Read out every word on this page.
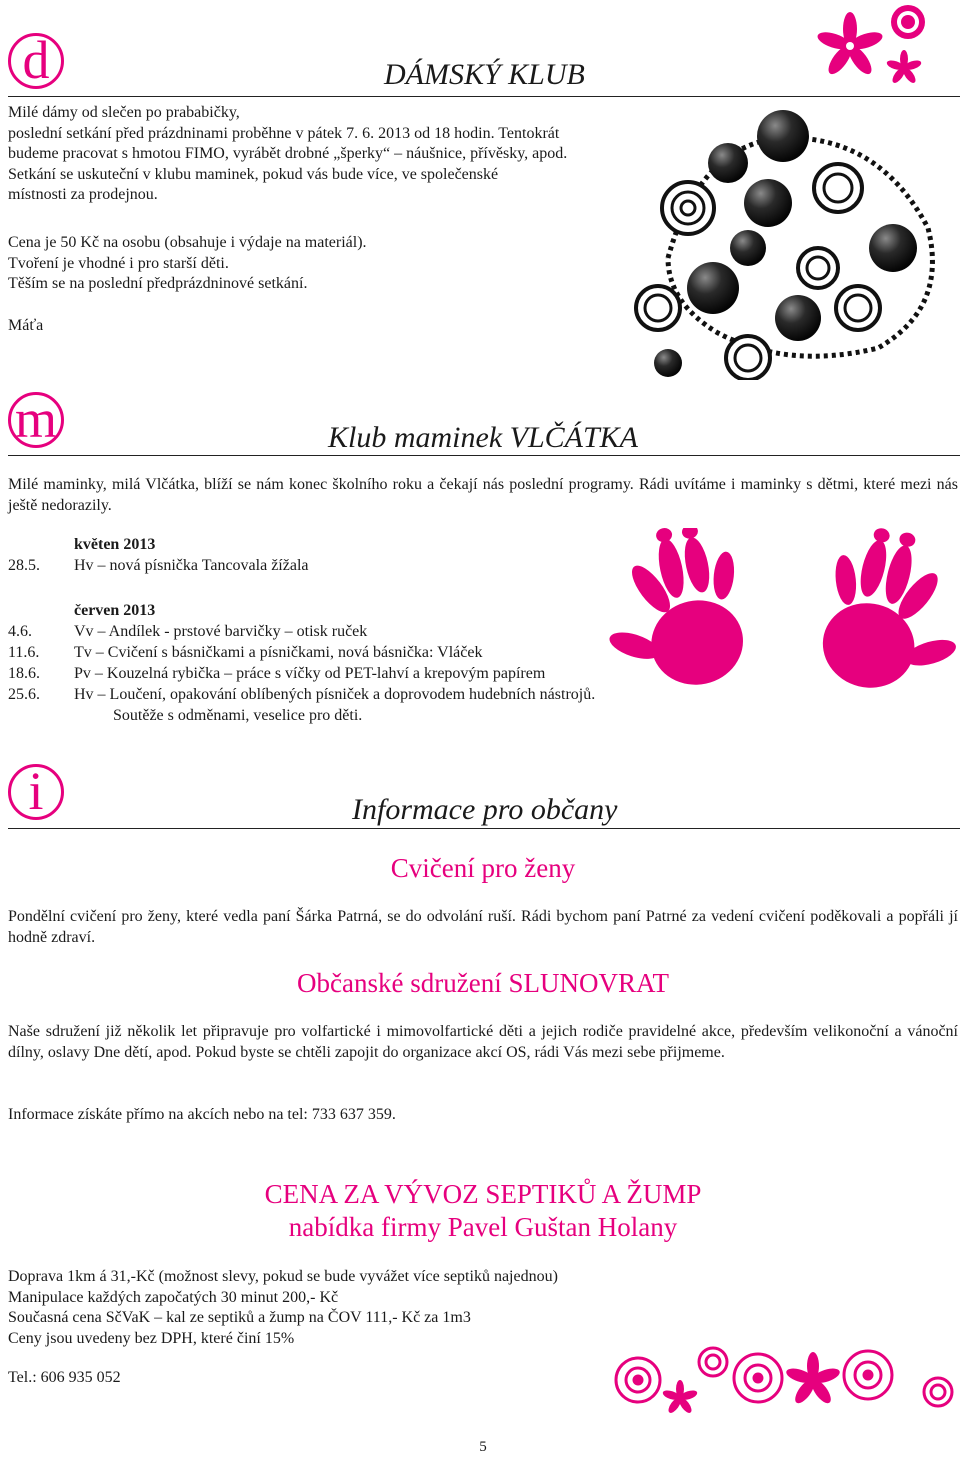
d	DÁMSKÝ KLUB
Milé dámy od slečen po prababičky,
poslední setkání před prázdninami proběhne v pátek 7. 6. 2013 od 18 hodin. Tentokrát
budeme pracovat s hmotou FIMO, vyrábět drobné „šperky“ – náušnice, přívěsky, apod.
Setkání se uskuteční v klubu maminek, pokud vás bude více, ve společenské
místnosti za prodejnou.
Cena je 50 Kč na osobu (obsahuje i výdaje na materiál).
Tvoření je vhodné i pro starší děti.
Těším se na poslední předprázdninové setkání.
Máťa
m	Klub maminek VLČÁTKA
Milé maminky, milá Vlčátka, blíží se nám konec školního roku a čekají nás poslední programy. Rádi uvítáme i maminky s dětmi, které mezi nás ještě nedorazily.
květen 2013
28.5. Hv – nová písnička Tancovala žížala
červen 2013
4.6.	Vv – Andílek - prstové barvičky – otisk ruček
11.6. Tv – Cvičení s básničkami a písničkami, nová básnička: Vláček
18.6. Pv – Kouzelná rybička – práce s víčky od PET-lahví a krepovým papírem
25.6. Hv – Loučení, opakování oblíbených písniček a doprovodem hudebních nástrojů.
Soutěže s odměnami, veselice pro děti.
i	Informace pro občany
Cvičení pro ženy
Pondělní cvičení pro ženy, které vedla paní Šárka Patrná, se do odvolání ruší. Rádi bychom paní Patrné za vedení cvičení poděkovali a popřáli jí hodně zdraví.
Občanské sdružení SLUNOVRAT
Naše sdružení již několik let připravuje pro volfartické i mimovolfartické děti a jejich rodiče pravidelné akce, především velikonoční a vánoční dílny, oslavy Dne dětí, apod. Pokud byste se chtěli zapojit do organizace akcí OS, rádi Vás mezi sebe přijmeme.
Informace získáte přímo na akcích nebo na tel: 733 637 359.
CENA ZA VÝVOZ SEPTIKŮ A ŽUMP
nabídka firmy Pavel Guštan Holany
Doprava 1km á 31,-Kč (možnost slevy, pokud se bude vyvážet více septiků najednou)
Manipulace každých započatých 30 minut 200,- Kč
Současná cena SčVaK – kal ze septiků a žump na ČOV 111,- Kč za 1m3
Ceny jsou uvedeny bez DPH, které činí 15%
Tel.: 606 935 052
5
